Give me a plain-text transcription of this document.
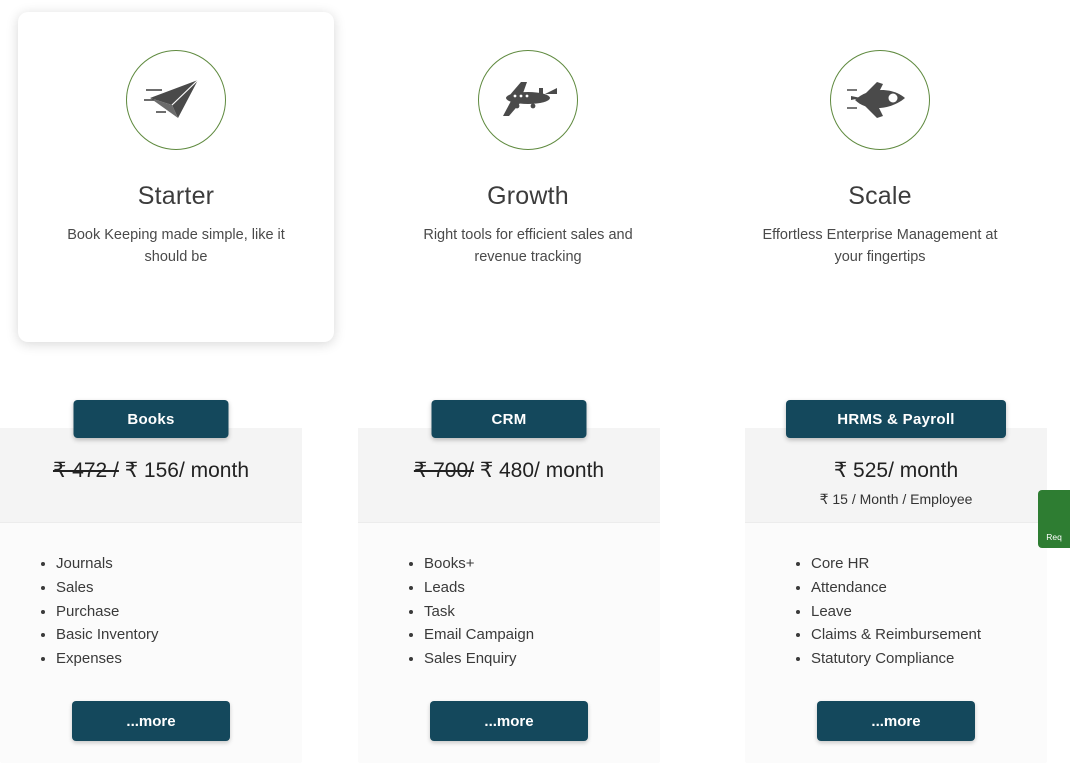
Starter
Book Keeping made simple, like it should be
Growth
Right tools for efficient sales and revenue tracking
Scale
Effortless Enterprise Management at your fingertips
Books
₹ 472 / ₹ 156/ month
• Journals
• Sales
• Purchase
• Basic Inventory
• Expenses
...more
CRM
₹ 700/ ₹ 480/ month
• Books+
• Leads
• Task
• Email Campaign
• Sales Enquiry
...more
HRMS & Payroll
₹ 525/ month
₹ 15 / Month / Employee
• Core HR
• Attendance
• Leave
• Claims & Reimbursement
• Statutory Compliance
...more
Req
